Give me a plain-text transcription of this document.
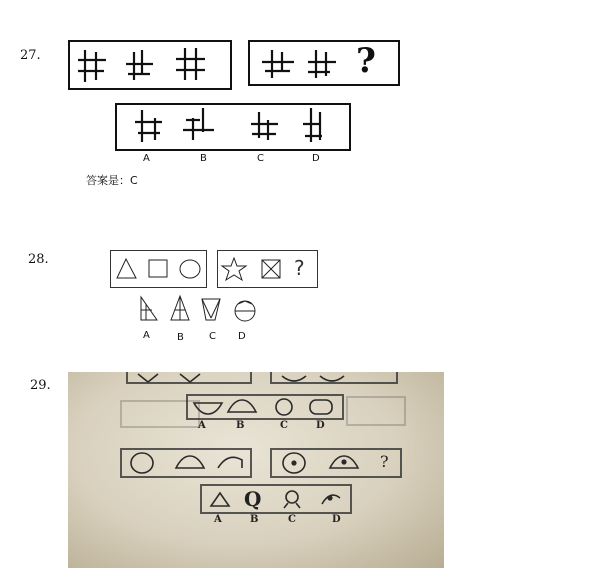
27.	?
A	B	C	D
答案是：C
28.	?
A	B	C D
29.
?
Q
A	B	C	D
A	B	C	D
